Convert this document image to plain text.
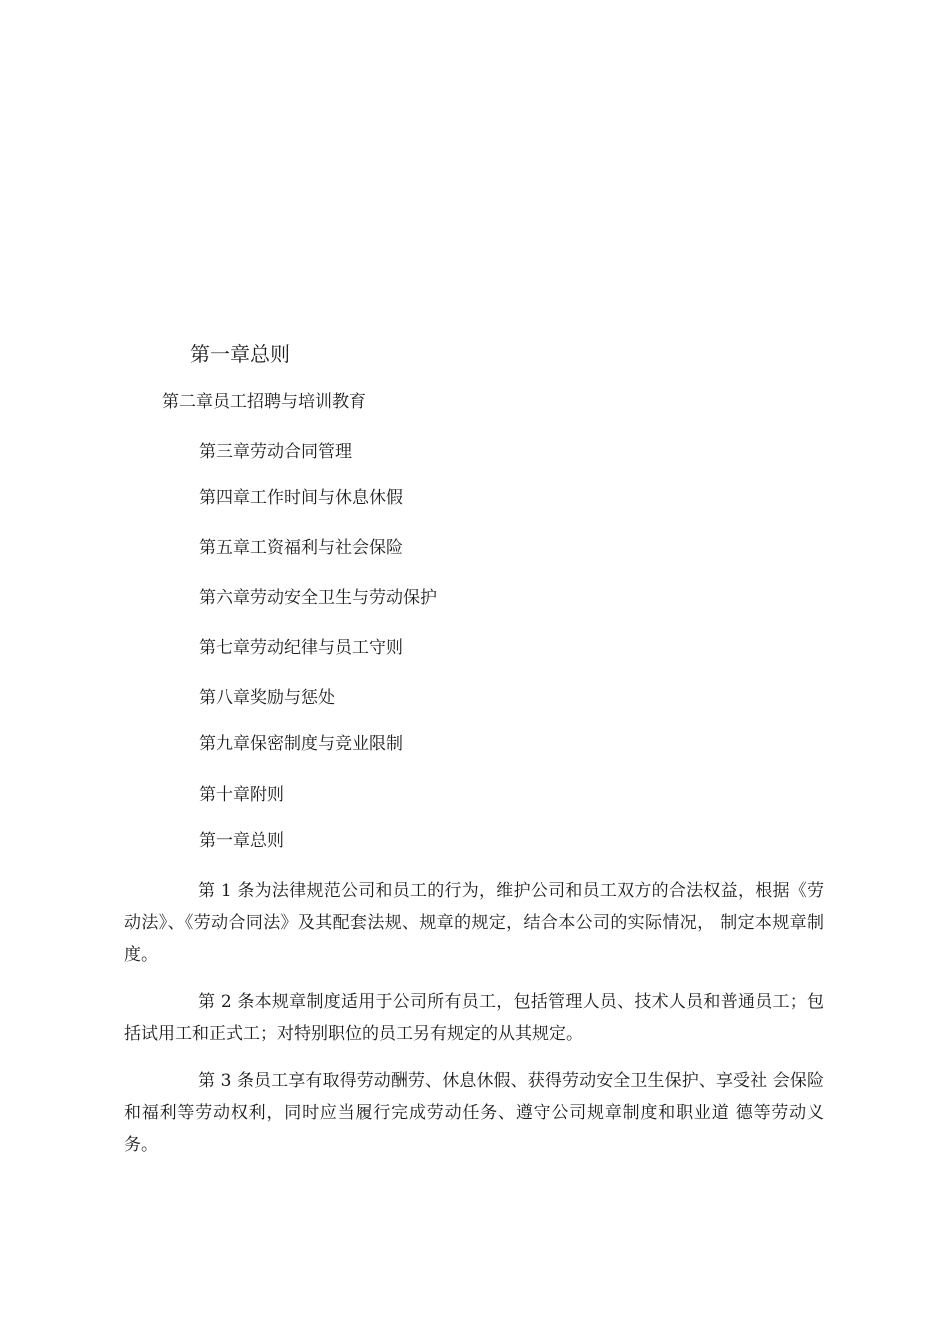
第一章总则
第二章员工招聘与培训教育
第三章劳动合同管理
第四章工作时间与休息休假
第五章工资福利与社会保险
第六章劳动安全卫生与劳动保护
第七章劳动纪律与员工守则
第八章奖励与惩处
第九章保密制度与竞业限制
第十章附则
第一章总则
第 1 条为法律规范公司和员工的行为，维护公司和员工双方的合法权益，根据《劳动法》、《劳动合同法》及其配套法规、规章的规定，结合本公司的实际情况， 制定本规章制度。
第 2 条本规章制度适用于公司所有员工，包括管理人员、技术人员和普通员工；包括试用工和正式工；对特别职位的员工另有规定的从其规定。
第 3 条员工享有取得劳动酬劳、休息休假、获得劳动安全卫生保护、享受社 会保险和福利等劳动权利，同时应当履行完成劳动任务、遵守公司规章制度和职业道 德等劳动义务。
